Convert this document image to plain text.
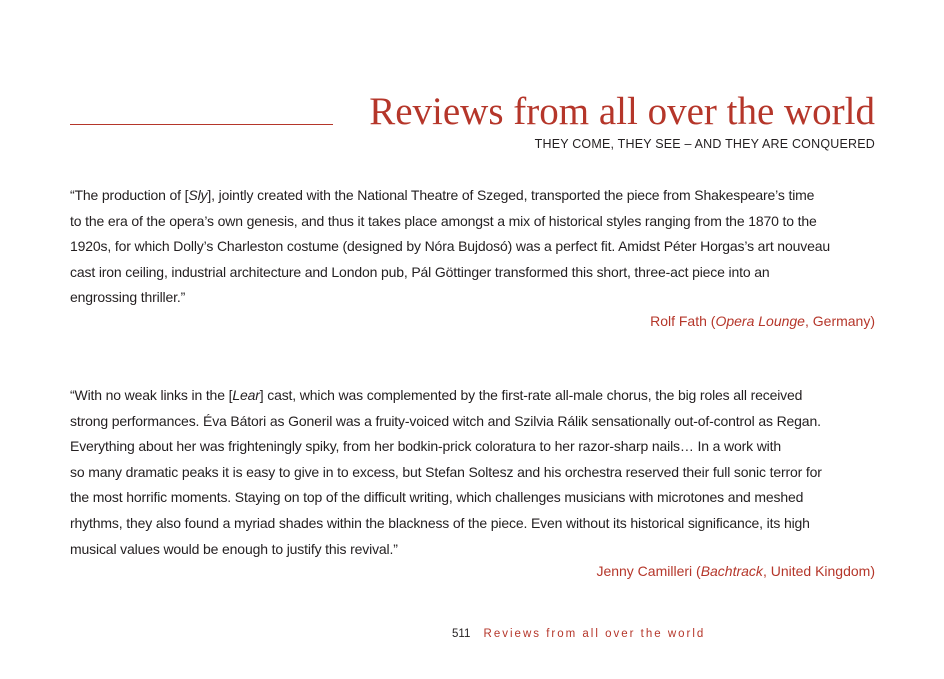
Reviews from all over the world
THEY COME, THEY SEE – AND THEY ARE CONQUERED
“The production of [Sly], jointly created with the National Theatre of Szeged, transported the piece from Shakespeare’s time
to the era of the opera’s own genesis, and thus it takes place amongst a mix of historical styles ranging from the 1870 to the
1920s, for which Dolly’s Charleston costume (designed by Nóra Bujdosó) was a perfect fit. Amidst Péter Horgas’s art nouveau
cast iron ceiling, industrial architecture and London pub, Pál Göttinger transformed this short, three-act piece into an
engrossing thriller.”
Rolf Fath (Opera Lounge, Germany)
“With no weak links in the [Lear] cast, which was complemented by the first-rate all-male chorus, the big roles all received
strong performances. Éva Bátori as Goneril was a fruity-voiced witch and Szilvia Rálik sensationally out-of-control as Regan.
Everything about her was frighteningly spiky, from her bodkin-prick coloratura to her razor-sharp nails… In a work with
so many dramatic peaks it is easy to give in to excess, but Stefan Soltesz and his orchestra reserved their full sonic terror for
the most horrific moments. Staying on top of the difficult writing, which challenges musicians with microtones and meshed
rhythms, they also found a myriad shades within the blackness of the piece. Even without its historical significance, its high
musical values would be enough to justify this revival.”
Jenny Camilleri (Bachtrack, United Kingdom)
511 Reviews from all over the world
